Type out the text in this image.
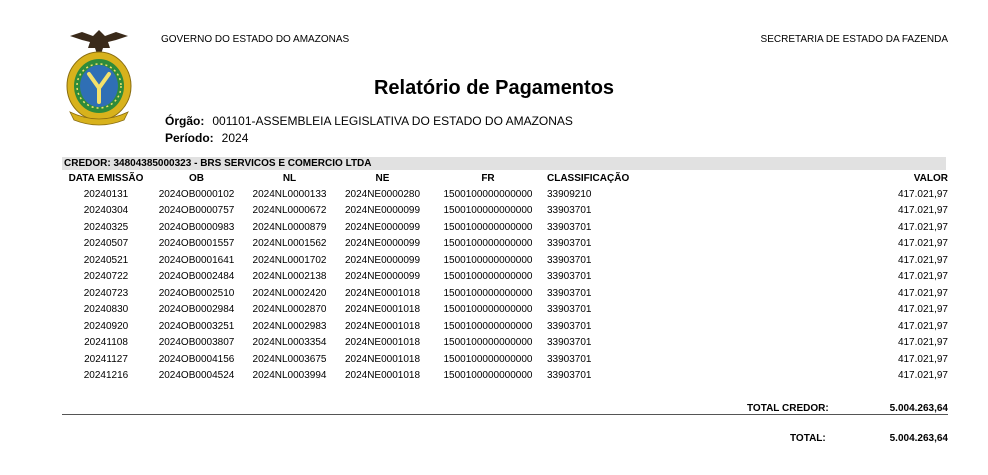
GOVERNO DO ESTADO DO AMAZONAS	SECRETARIA DE ESTADO DA FAZENDA
Relatório de Pagamentos
Órgão: 001101-ASSEMBLEIA LEGISLATIVA DO ESTADO DO AMAZONAS
Período: 2024
CREDOR: 34804385000323 - BRS SERVICOS E COMERCIO LTDA
DATA EMISSÃO	OB	NL	NE	FR	CLASSIFICAÇÃO	VALOR
20240131	2024OB0000102	2024NL0000133	2024NE0000280	1500100000000000	33909210	417.021,97
20240304	2024OB0000757	2024NL0000672	2024NE0000099	1500100000000000	33903701	417.021,97
20240325	2024OB0000983	2024NL0000879	2024NE0000099	1500100000000000	33903701	417.021,97
20240507	2024OB0001557	2024NL0001562	2024NE0000099	1500100000000000	33903701	417.021,97
20240521	2024OB0001641	2024NL0001702	2024NE0000099	1500100000000000	33903701	417.021,97
20240722	2024OB0002484	2024NL0002138	2024NE0000099	1500100000000000	33903701	417.021,97
20240723	2024OB0002510	2024NL0002420	2024NE0001018	1500100000000000	33903701	417.021,97
20240830	2024OB0002984	2024NL0002870	2024NE0001018	1500100000000000	33903701	417.021,97
20240920	2024OB0003251	2024NL0002983	2024NE0001018	1500100000000000	33903701	417.021,97
20241108	2024OB0003807	2024NL0003354	2024NE0001018	1500100000000000	33903701	417.021,97
20241127	2024OB0004156	2024NL0003675	2024NE0001018	1500100000000000	33903701	417.021,97
20241216	2024OB0004524	2024NL0003994	2024NE0001018	1500100000000000	33903701	417.021,97
TOTAL CREDOR:	5.004.263,64
TOTAL:	5.004.263,64
